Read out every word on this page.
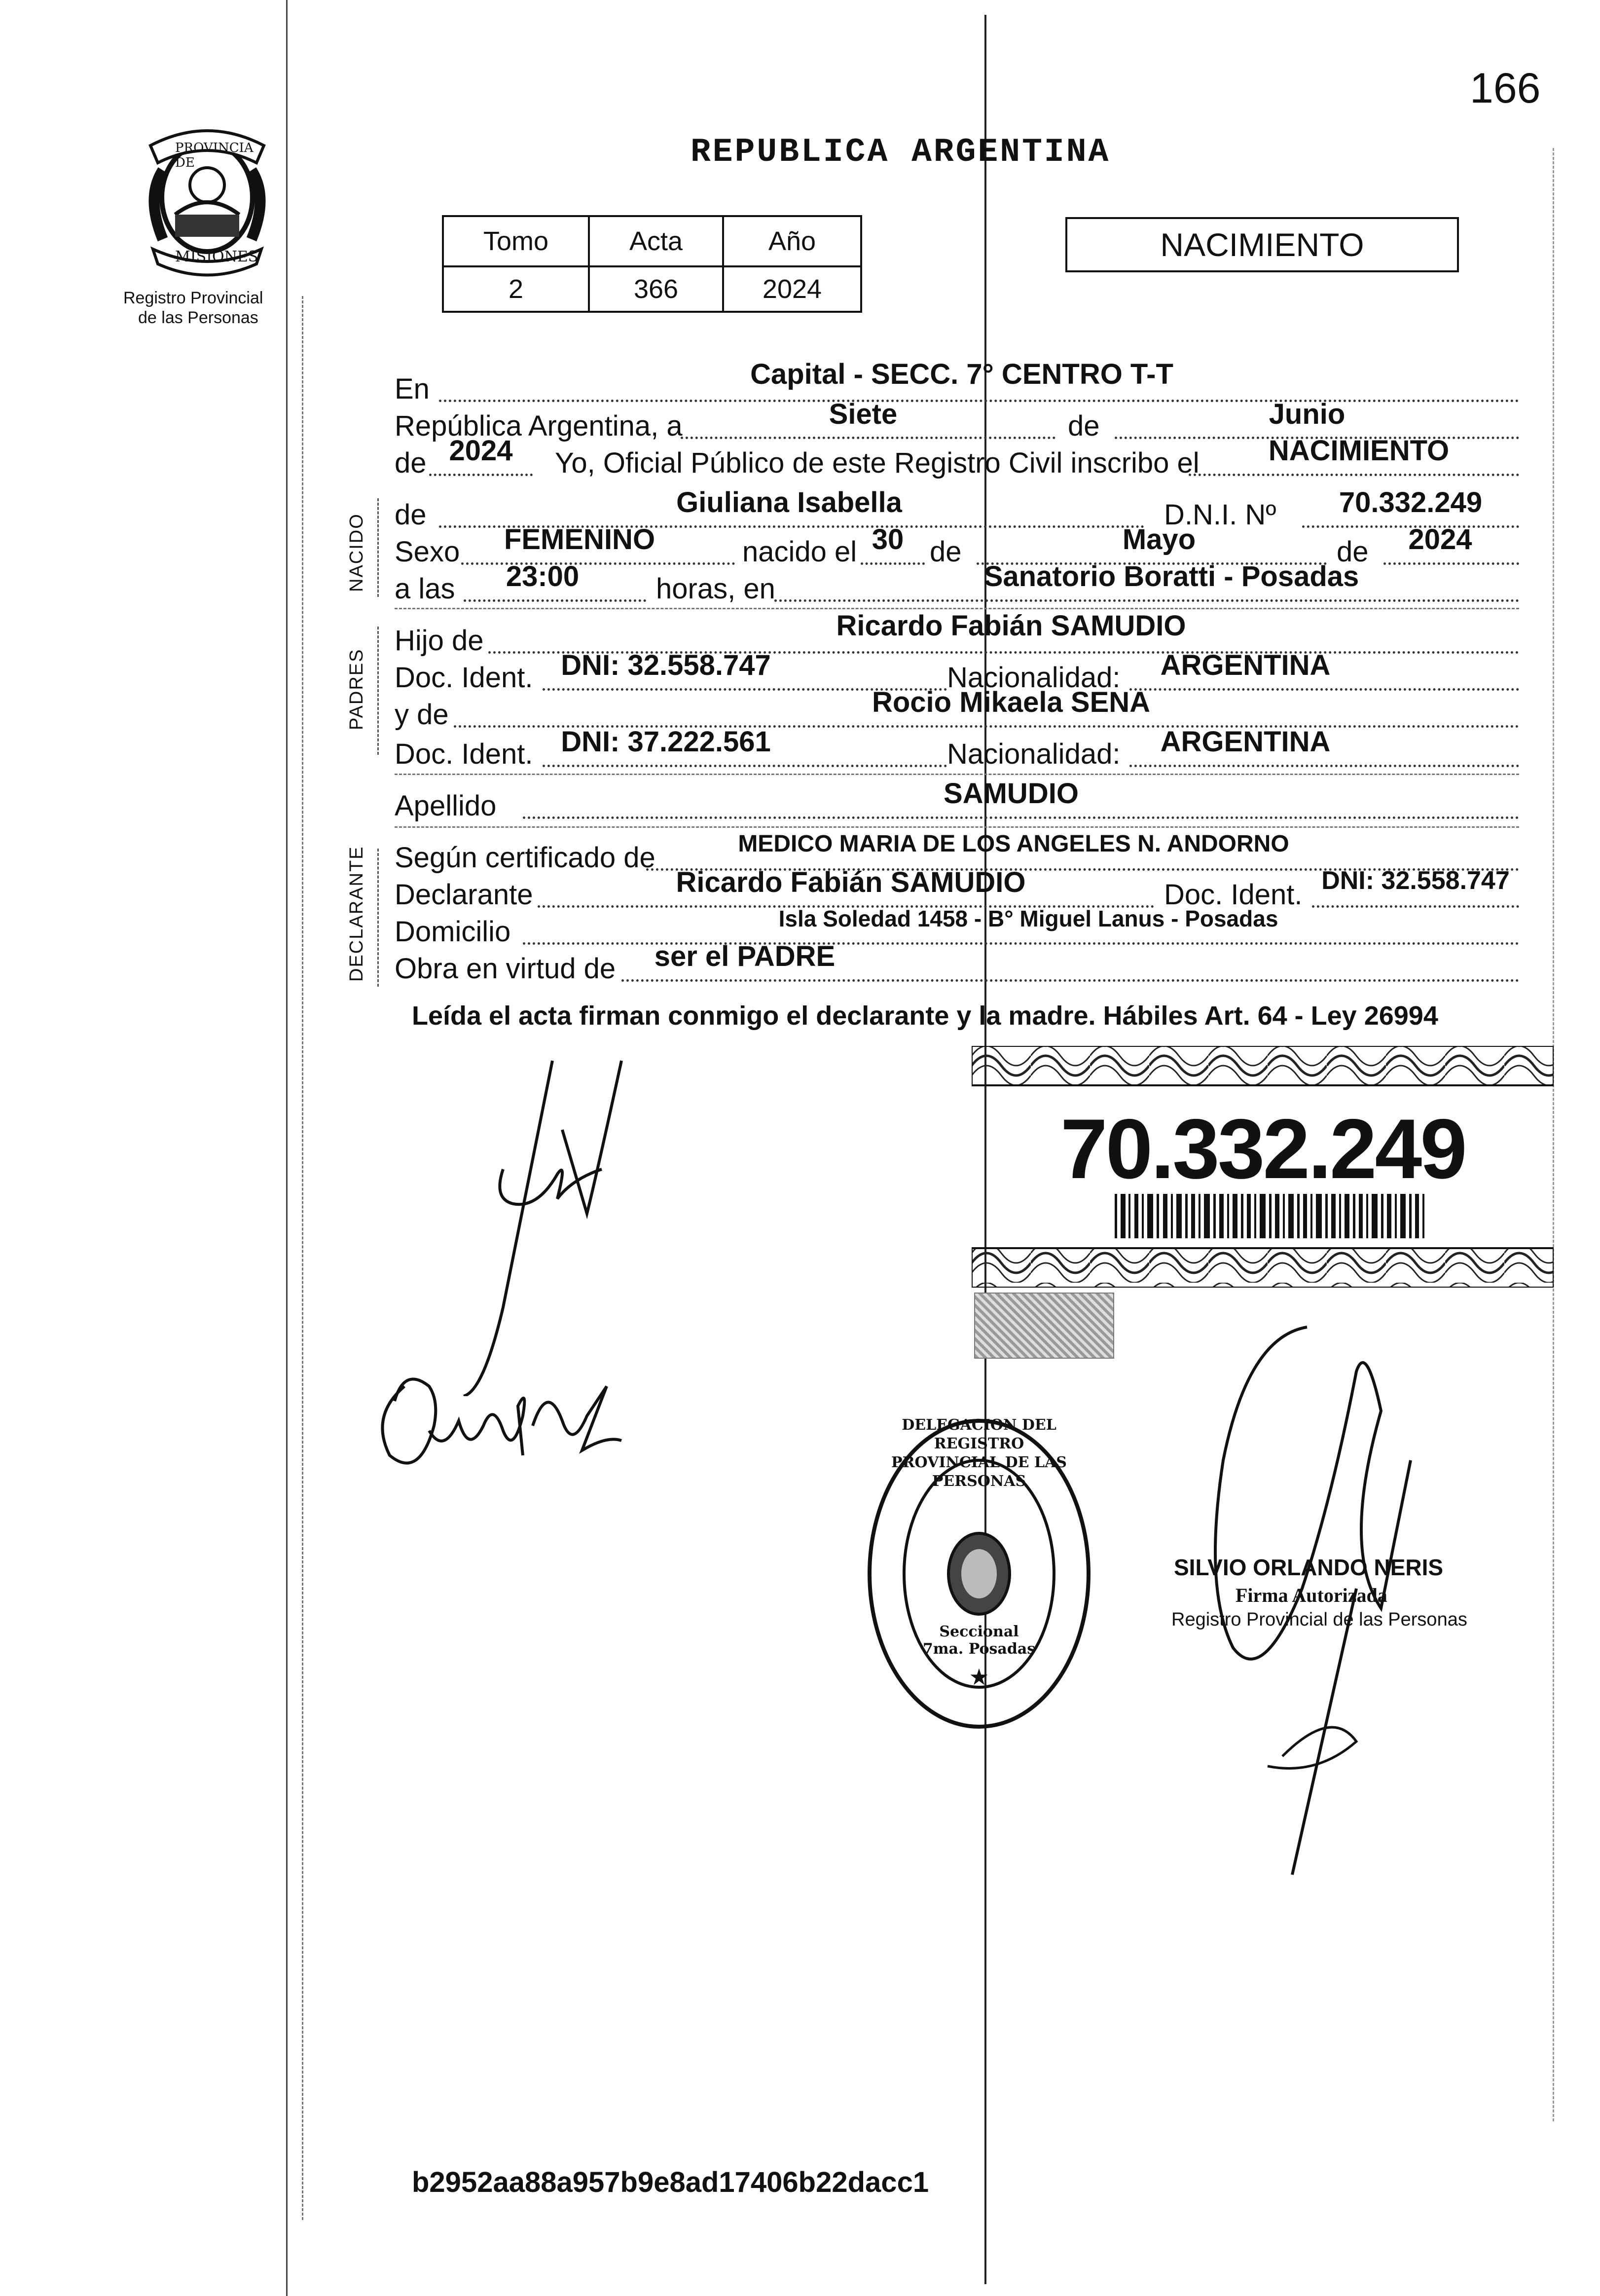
166
PROVINCIA DE
MISIONES
Registro Provincial
de las Personas
REPUBLICA ARGENTINA
Tomo	Acta	Año
2	366	2024
NACIMIENTO
NACIDO
PADRES
DECLARANTE
En	Capital - SECC. 7° CENTRO T-T
República Argentina, a	Siete	de	Junio
de 2024	Yo, Oficial Público de este Registro Civil inscribo el	NACIMIENTO
de	Giuliana Isabella	D.N.I. Nº	70.332.249
Sexo	FEMENINO	nacido el 30 de	Mayo	de	2024
a las	23:00	horas, en	Sanatorio Boratti - Posadas
Hijo de	Ricardo Fabián SAMUDIO
Doc. Ident. DNI: 32.558.747	Nacionalidad:	ARGENTINA
y de	Rocio Mikaela SENA
Doc. Ident. DNI: 37.222.561	Nacionalidad:	ARGENTINA
Apellido	SAMUDIO
Según certificado de	MEDICO MARIA DE LOS ANGELES N. ANDORNO
Declarante	Ricardo Fabián SAMUDIO	Doc. Ident. DNI: 32.558.747
Domicilio	Isla Soledad 1458 - B° Miguel Lanus - Posadas
Obra en virtud de	ser el PADRE
Leída el acta firman conmigo el declarante y la madre. Hábiles Art. 64 - Ley 26994
70.332.249
★
DELEGACION DEL REGISTRO PROVINCIAL DE LAS PERSONAS
Seccional 7ma. Posadas
SILVIO ORLANDO NERIS
Firma Autorizada
Registro Provincial de las Personas
b2952aa88a957b9e8ad17406b22dacc1
